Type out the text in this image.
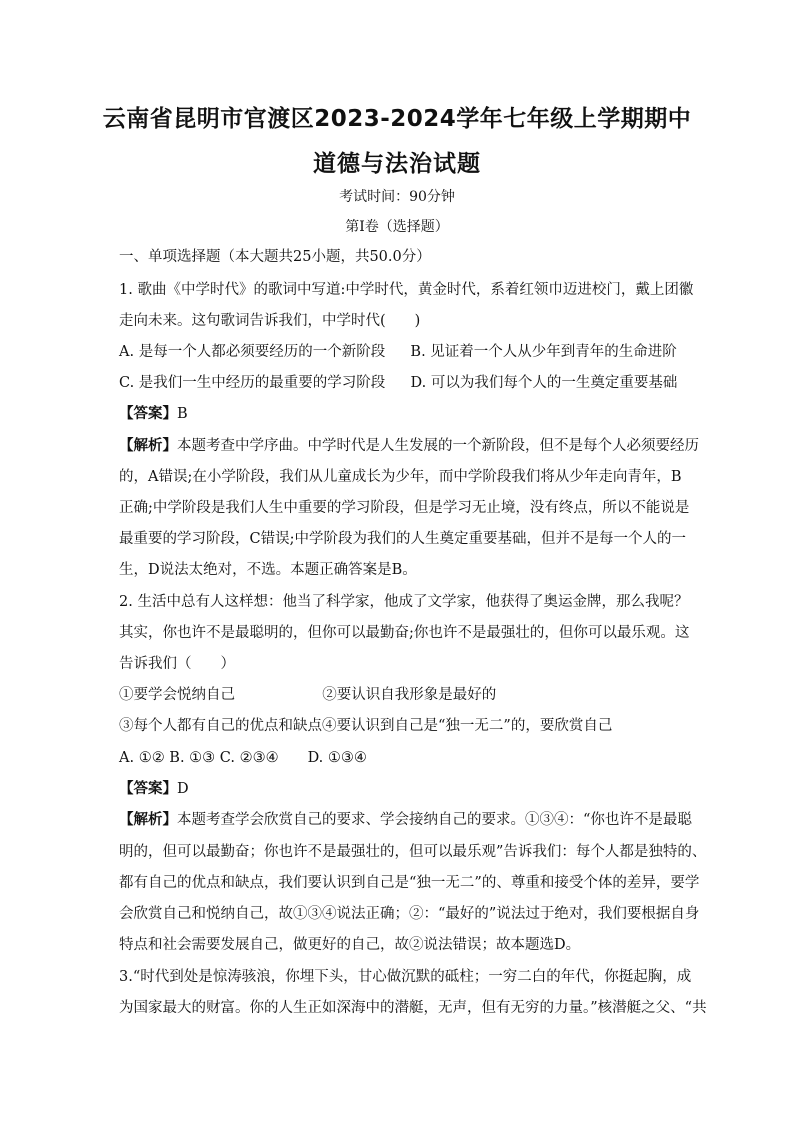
云南省昆明市官渡区2023-2024学年七年级上学期期中
道德与法治试题
考试时间：90分钟
第I卷（选择题）
一、单项选择题（本大题共25小题，共50.0分）
1. 歌曲《中学时代》的歌词中写道:中学时代，黄金时代，系着红领巾迈进校门，戴上团徽
走向未来。这句歌词告诉我们，中学时代(　　)
A. 是每一个人都必须要经历的一个新阶段 B. 见证着一个人从少年到青年的生命进阶
C. 是我们一生中经历的最重要的学习阶段 D. 可以为我们每个人的一生奠定重要基础
【答案】B
【解析】本题考查中学序曲。中学时代是人生发展的一个新阶段，但不是每个人必须要经历
的，A错误;在小学阶段，我们从儿童成长为少年，而中学阶段我们将从少年走向青年，B
正确;中学阶段是我们人生中重要的学习阶段，但是学习无止境，没有终点，所以不能说是
最重要的学习阶段，C错误;中学阶段为我们的人生奠定重要基础，但并不是每一个人的一
生，D说法太绝对，不选。本题正确答案是B。
2. 生活中总有人这样想：他当了科学家，他成了文学家，他获得了奥运金牌，那么我呢？
其实，你也许不是最聪明的，但你可以最勤奋;你也许不是最强壮的，但你可以最乐观。这
告诉我们（　　）
①要学会悦纳自己	②要认识自我形象是最好的
③每个人都有自己的优点和缺点④要认识到自己是“独一无二”的，要欣赏自己
A. ①② B. ①③ C. ②③④　　D. ①③④
【答案】D
【解析】本题考查学会欣赏自己的要求、学会接纳自己的要求。①③④：“你也许不是最聪
明的，但可以最勤奋；你也许不是最强壮的，但可以最乐观”告诉我们：每个人都是独特的、
都有自己的优点和缺点，我们要认识到自己是“独一无二”的、尊重和接受个体的差异，要学
会欣赏自己和悦纳自己，故①③④说法正确；②：“最好的”说法过于绝对，我们要根据自身
特点和社会需要发展自己，做更好的自己，故②说法错误；故本题选D。
3.“时代到处是惊涛骇浪，你埋下头，甘心做沉默的砥柱；一穷二白的年代，你挺起胸，成
为国家最大的财富。你的人生正如深海中的潜艇，无声，但有无穷的力量。”核潜艇之父、“共
